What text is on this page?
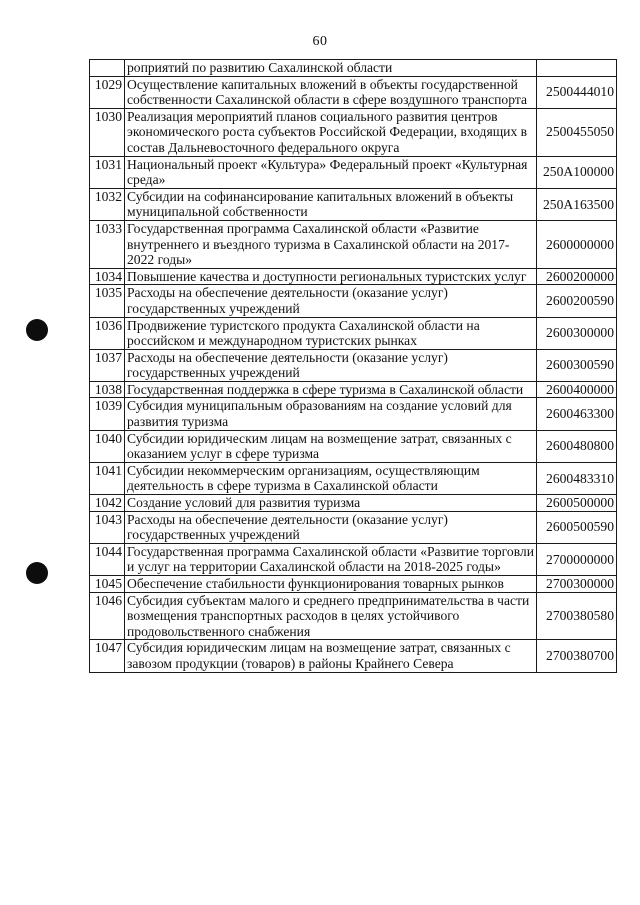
60
	роприятий по развитию Сахалинской области	
1029	Осуществление капитальных вложений в объекты государственной собственности Сахалинской области в сфере воздушного транспорта	2500444010
1030	Реализация мероприятий планов социального развития центров экономического роста субъектов Российской Федерации, входящих в состав Дальневосточного федерального округа	2500455050
1031	Национальный проект «Культура» Федеральный проект «Культурная среда»	250A100000
1032	Субсидии на софинансирование капитальных вложений в объекты муниципальной собственности	250A163500
1033	Государственная программа Сахалинской области «Развитие внутреннего и въездного туризма в Сахалинской области на 2017-2022 годы»	2600000000
1034	Повышение качества и доступности региональных туристских услуг	2600200000
1035	Расходы на обеспечение деятельности (оказание услуг) государственных учреждений	2600200590
1036	Продвижение туристского продукта Сахалинской области на российском и международном туристских рынках	2600300000
1037	Расходы на обеспечение деятельности (оказание услуг) государственных учреждений	2600300590
1038	Государственная поддержка в сфере туризма в Сахалинской области	2600400000
1039	Субсидия муниципальным образованиям на создание условий для развития туризма	2600463300
1040	Субсидии юридическим лицам на возмещение затрат, связанных с оказанием услуг в сфере туризма	2600480800
1041	Субсидии некоммерческим организациям, осуществляющим деятельность в сфере туризма в Сахалинской области	2600483310
1042	Создание условий для развития туризма	2600500000
1043	Расходы на обеспечение деятельности (оказание услуг) государственных учреждений	2600500590
1044	Государственная программа Сахалинской области «Развитие торговли и услуг на территории Сахалинской области на 2018-2025 годы»	2700000000
1045	Обеспечение стабильности функционирования товарных рынков	2700300000
1046	Субсидия субъектам малого и среднего предпринимательства в части возмещения транспортных расходов в целях устойчивого продовольственного снабжения	2700380580
1047	Субсидия юридическим лицам на возмещение затрат, связанных с завозом продукции (товаров) в районы Крайнего Севера	2700380700
